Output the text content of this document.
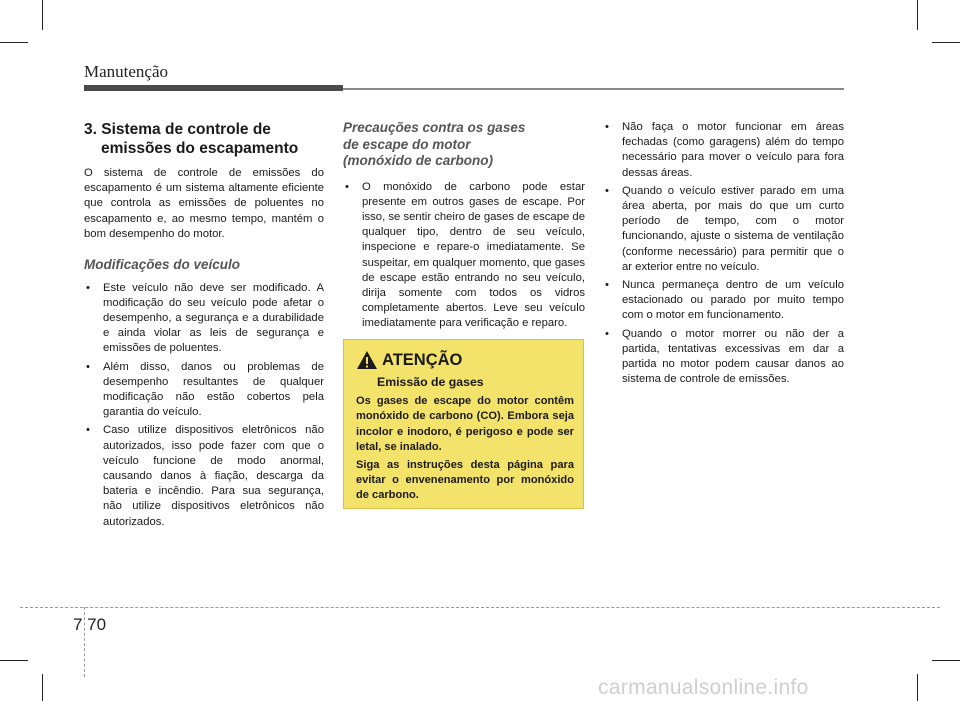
Manutenção
3. Sistema de controle de
emissões do escapamento

O sistema de controle de emissões do escapamento é um sistema altamente eficiente que controla as emissões de poluentes no escapamento e, ao mesmo tempo, mantém o bom desempenho do motor.

Modificações do veículo
• Este veículo não deve ser modificado. A modificação do seu veículo pode afetar o desempenho, a segurança e a durabilidade e ainda violar as leis de segurança e emissões de poluentes.
• Além disso, danos ou problemas de desempenho resultantes de qualquer modificação não estão cobertos pela garantia do veículo.
• Caso utilize dispositivos eletrônicos não autorizados, isso pode fazer com que o veículo funcione de modo anormal, causando danos à fiação, descarga da bateria e incêndio. Para sua segurança, não utilize dispositivos eletrônicos não autorizados.
Precauções contra os gases de escape do motor (monóxido de carbono)
• O monóxido de carbono pode estar presente em outros gases de escape. Por isso, se sentir cheiro de gases de escape de qualquer tipo, dentro de seu veículo, inspecione e repare-o imediatamente. Se suspeitar, em qualquer momento, que gases de escape estão entrando no seu veículo, dirija somente com todos os vidros completamente abertos. Leve seu veículo imediatamente para verificação e reparo.
ATENÇÃO
Emissão de gases

Os gases de escape do motor contêm monóxido de carbono (CO). Embora seja incolor e inodoro, é perigoso e pode ser letal, se inalado.

Siga as instruções desta página para evitar o envenenamento por monóxido de carbono.

• Não faça o motor funcionar em áreas fechadas (como garagens) além do tempo necessário para mover o veículo para fora dessas áreas.
• Quando o veículo estiver parado em uma área aberta, por mais do que um curto período de tempo, com o motor funcionando, ajuste o sistema de ventilação (conforme necessário) para permitir que o ar exterior entre no veículo.
• Nunca permaneça dentro de um veículo estacionado ou parado por muito tempo com o motor em funcionamento.
• Quando o motor morrer ou não der a partida, tentativas excessivas em dar a partida no motor podem causar danos ao sistema de controle de emissões.
7 70
carmanualsonline.info
